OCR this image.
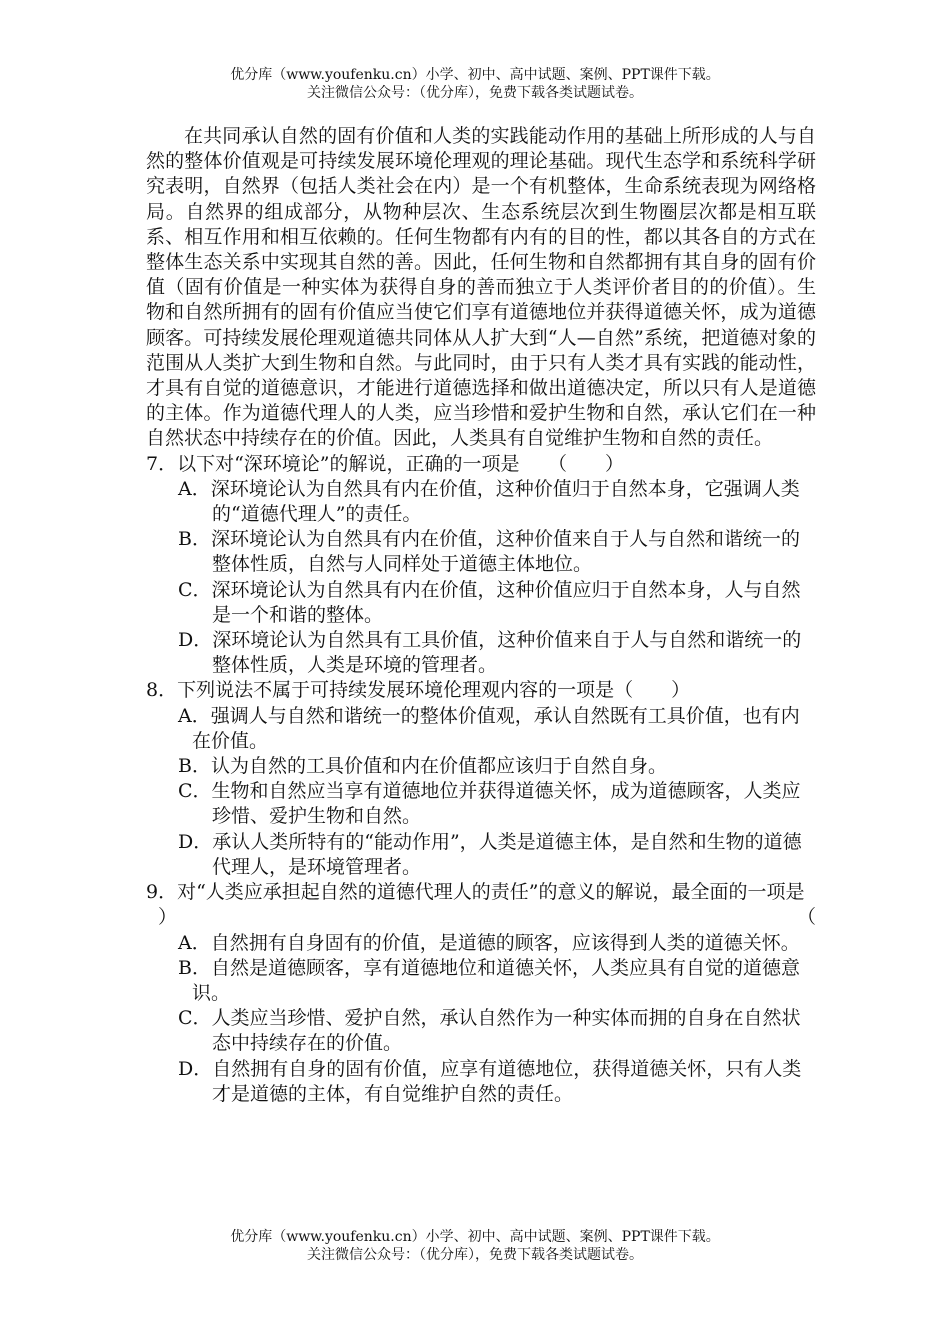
优分库（www.youfenku.cn）小学、初中、高中试题、案例、PPT课件下载。
关注微信公众号：（优分库），免费下载各类试题试卷。

在共同承认自然的固有价值和人类的实践能动作用的基础上所形成的人与自然的整体价值观是可持续发展环境伦理观的理论基础。现代生态学和系统科学研究表明，自然界（包括人类社会在内）是一个有机整体，生命系统表现为网络格局。自然界的组成部分，从物种层次、生态系统层次到生物圈层次都是相互联系、相互作用和相互依赖的。任何生物都有内有的目的性，都以其各自的方式在整体生态关系中实现其自然的善。因此，任何生物和自然都拥有其自身的固有价值（固有价值是一种实体为获得自身的善而独立于人类评价者目的的价值）。生物和自然所拥有的固有价值应当使它们享有道德地位并获得道德关怀，成为道德顾客。可持续发展伦理观道德共同体从人扩大到“人—自然”系统，把道德对象的范围从人类扩大到生物和自然。与此同时，由于只有人类才具有实践的能动性，才具有自觉的道德意识，才能进行道德选择和做出道德决定，所以只有人是道德的主体。作为道德代理人的人类，应当珍惜和爱护生物和自然，承认它们在一种自然状态中持续存在的价值。因此，人类具有自觉维护生物和自然的责任。

7．以下对“深环境论”的解说，正确的一项是　　（　　）

A．深环境论认为自然具有内在价值，这种价值归于自然本身，它强调人类的“道德代理人”的责任。

B．深环境论认为自然具有内在价值，这种价值来自于人与自然和谐统一的整体性质，自然与人同样处于道德主体地位。

C．深环境论认为自然具有内在价值，这种价值应归于自然本身，人与自然是一个和谐的整体。

D．深环境论认为自然具有工具价值，这种价值来自于人与自然和谐统一的整体性质，人类是环境的管理者。

8．下列说法不属于可持续发展环境伦理观内容的一项是（　　）

A．强调人与自然和谐统一的整体价值观，承认自然既有工具价值，也有内在价值。

B．认为自然的工具价值和内在价值都应该归于自然自身。

C．生物和自然应当享有道德地位并获得道德关怀，成为道德顾客，人类应珍惜、爱护生物和自然。

D．承认人类所特有的“能动作用”，人类是道德主体，是自然和生物的道德代理人，是环境管理者。

9．对“人类应承担起自然的道德代理人的责任”的意义的解说，最全面的一项是
（

）

A．自然拥有自身固有的价值，是道德的顾客，应该得到人类的道德关怀。

B．自然是道德顾客，享有道德地位和道德关怀，人类应具有自觉的道德意识。

C．人类应当珍惜、爱护自然，承认自然作为一种实体而拥的自身在自然状态中持续存在的价值。

D．自然拥有自身的固有价值，应享有道德地位，获得道德关怀，只有人类才是道德的主体，有自觉维护自然的责任。

优分库（www.youfenku.cn）小学、初中、高中试题、案例、PPT课件下载。
关注微信公众号：（优分库），免费下载各类试题试卷。
